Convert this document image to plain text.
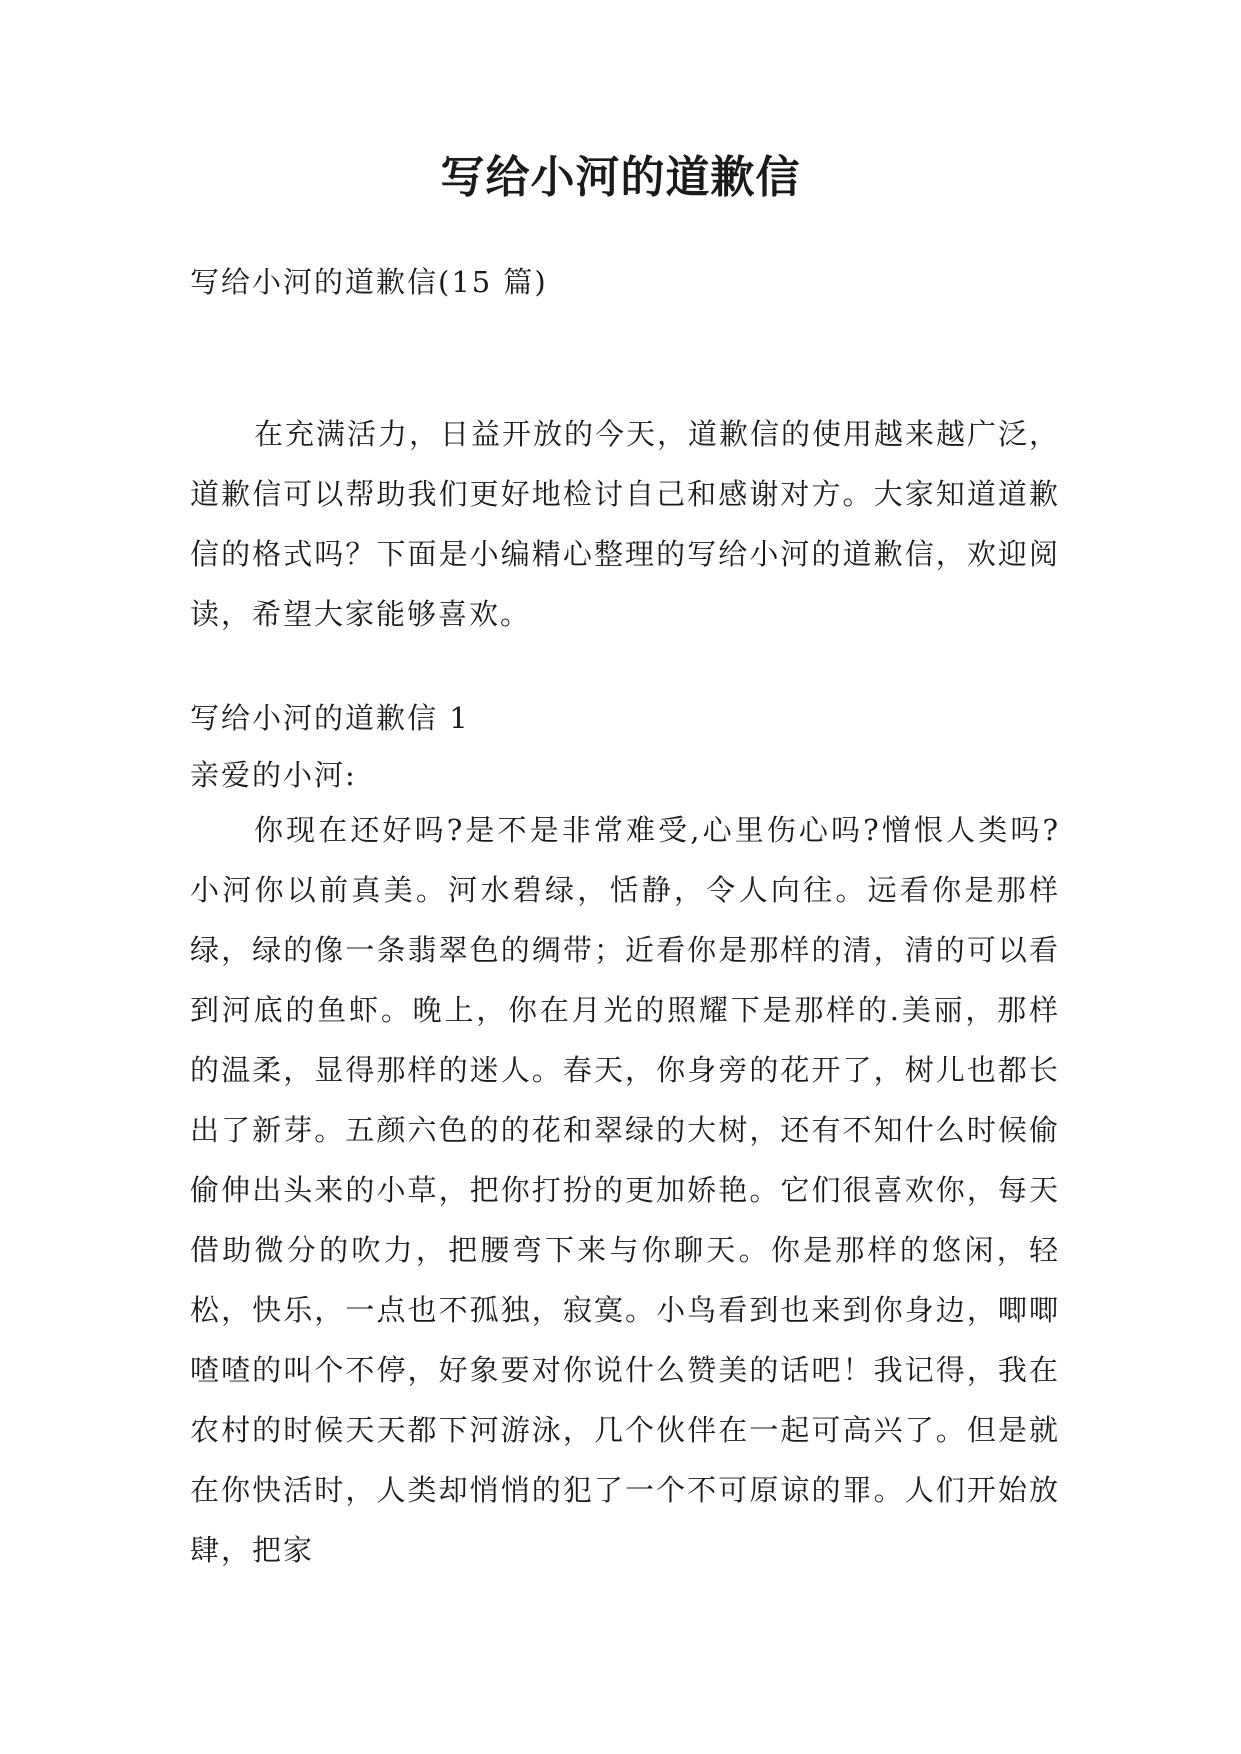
写给小河的道歉信

写给小河的道歉信(15 篇)

在充满活力，日益开放的今天，道歉信的使用越来越广泛，道歉信可以帮助我们更好地检讨自己和感谢对方。大家知道道歉信的格式吗？下面是小编精心整理的写给小河的道歉信，欢迎阅读，希望大家能够喜欢。

写给小河的道歉信 1

亲爱的小河:

你现在还好吗?是不是非常难受,心里伤心吗?憎恨人类吗?小河你以前真美。河水碧绿，恬静，令人向往。远看你是那样绿，绿的像一条翡翠色的绸带；近看你是那样的清，清的可以看到河底的鱼虾。晚上，你在月光的照耀下是那样的.美丽，那样的温柔，显得那样的迷人。春天，你身旁的花开了，树儿也都长出了新芽。五颜六色的的花和翠绿的大树，还有不知什么时候偷偷伸出头来的小草，把你打扮的更加娇艳。它们很喜欢你，每天借助微分的吹力，把腰弯下来与你聊天。你是那样的悠闲，轻松，快乐，一点也不孤独，寂寞。小鸟看到也来到你身边，唧唧喳喳的叫个不停，好象要对你说什么赞美的话吧！我记得，我在农村的时候天天都下河游泳，几个伙伴在一起可高兴了。但是就在你快活时，人类却悄悄的犯了一个不可原谅的罪。人们开始放肆，把家
